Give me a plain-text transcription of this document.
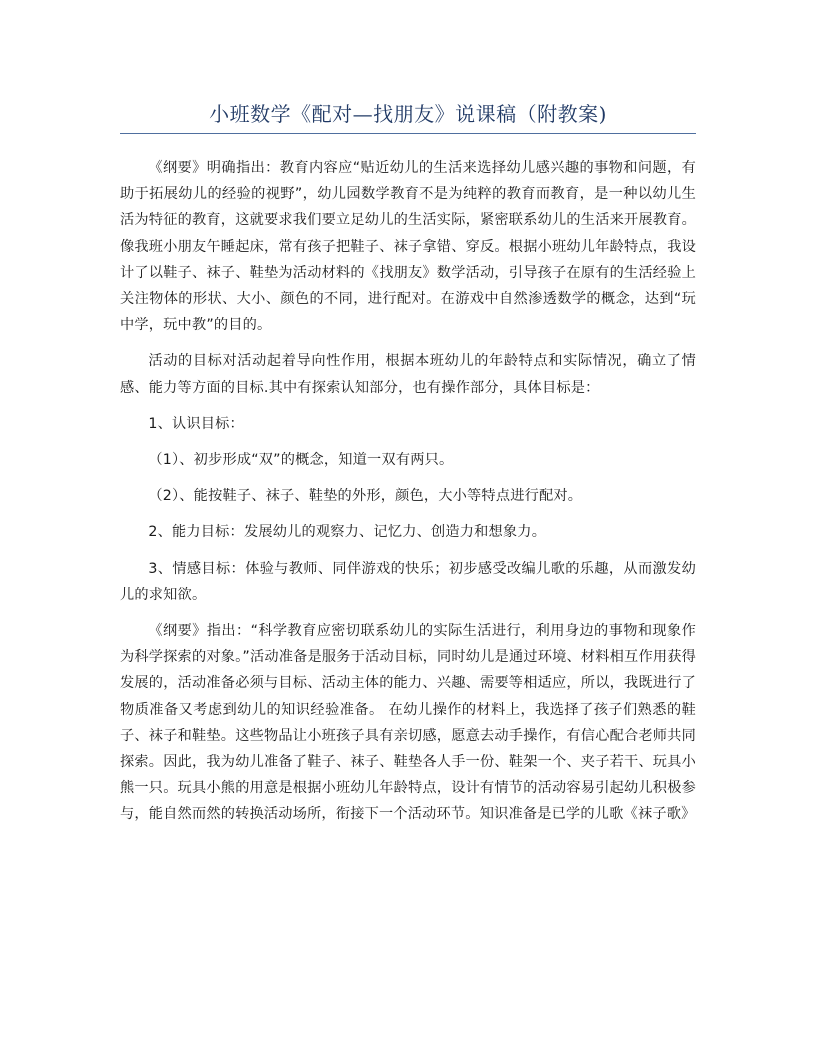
小班数学《配对—找朋友》说课稿（附教案)

《纲要》明确指出：教育内容应“贴近幼儿的生活来选择幼儿感兴趣的事物和问题，有助于拓展幼儿的经验的视野”，幼儿园数学教育不是为纯粹的教育而教育，是一种以幼儿生活为特征的教育，这就要求我们要立足幼儿的生活实际，紧密联系幼儿的生活来开展教育。像我班小朋友午睡起床，常有孩子把鞋子、袜子拿错、穿反。根据小班幼儿年龄特点，我设计了以鞋子、袜子、鞋垫为活动材料的《找朋友》数学活动，引导孩子在原有的生活经验上关注物体的形状、大小、颜色的不同，进行配对。在游戏中自然渗透数学的概念，达到“玩中学，玩中教”的目的。

活动的目标对活动起着导向性作用，根据本班幼儿的年龄特点和实际情况，确立了情感、能力等方面的目标.其中有探索认知部分，也有操作部分，具体目标是：

1、认识目标：

（1）、初步形成“双”的概念，知道一双有两只。

（2）、能按鞋子、袜子、鞋垫的外形，颜色，大小等特点进行配对。

2、能力目标：发展幼儿的观察力、记忆力、创造力和想象力。

3、情感目标：体验与教师、同伴游戏的快乐；初步感受改编儿歌的乐趣，从而激发幼儿的求知欲。

《纲要》指出：“科学教育应密切联系幼儿的实际生活进行，利用身边的事物和现象作为科学探索的对象。”活动准备是服务于活动目标，同时幼儿是通过环境、材料相互作用获得发展的，活动准备必须与目标、活动主体的能力、兴趣、需要等相适应，所以，我既进行了物质准备又考虑到幼儿的知识经验准备。 在幼儿操作的材料上，我选择了孩子们熟悉的鞋子、袜子和鞋垫。这些物品让小班孩子具有亲切感，愿意去动手操作，有信心配合老师共同探索。因此，我为幼儿准备了鞋子、袜子、鞋垫各人手一份、鞋架一个、夹子若干、玩具小熊一只。玩具小熊的用意是根据小班幼儿年龄特点，设计有情节的活动容易引起幼儿积极参与，能自然而然的转换活动场所，衔接下一个活动环节。知识准备是已学的儿歌《袜子歌》
